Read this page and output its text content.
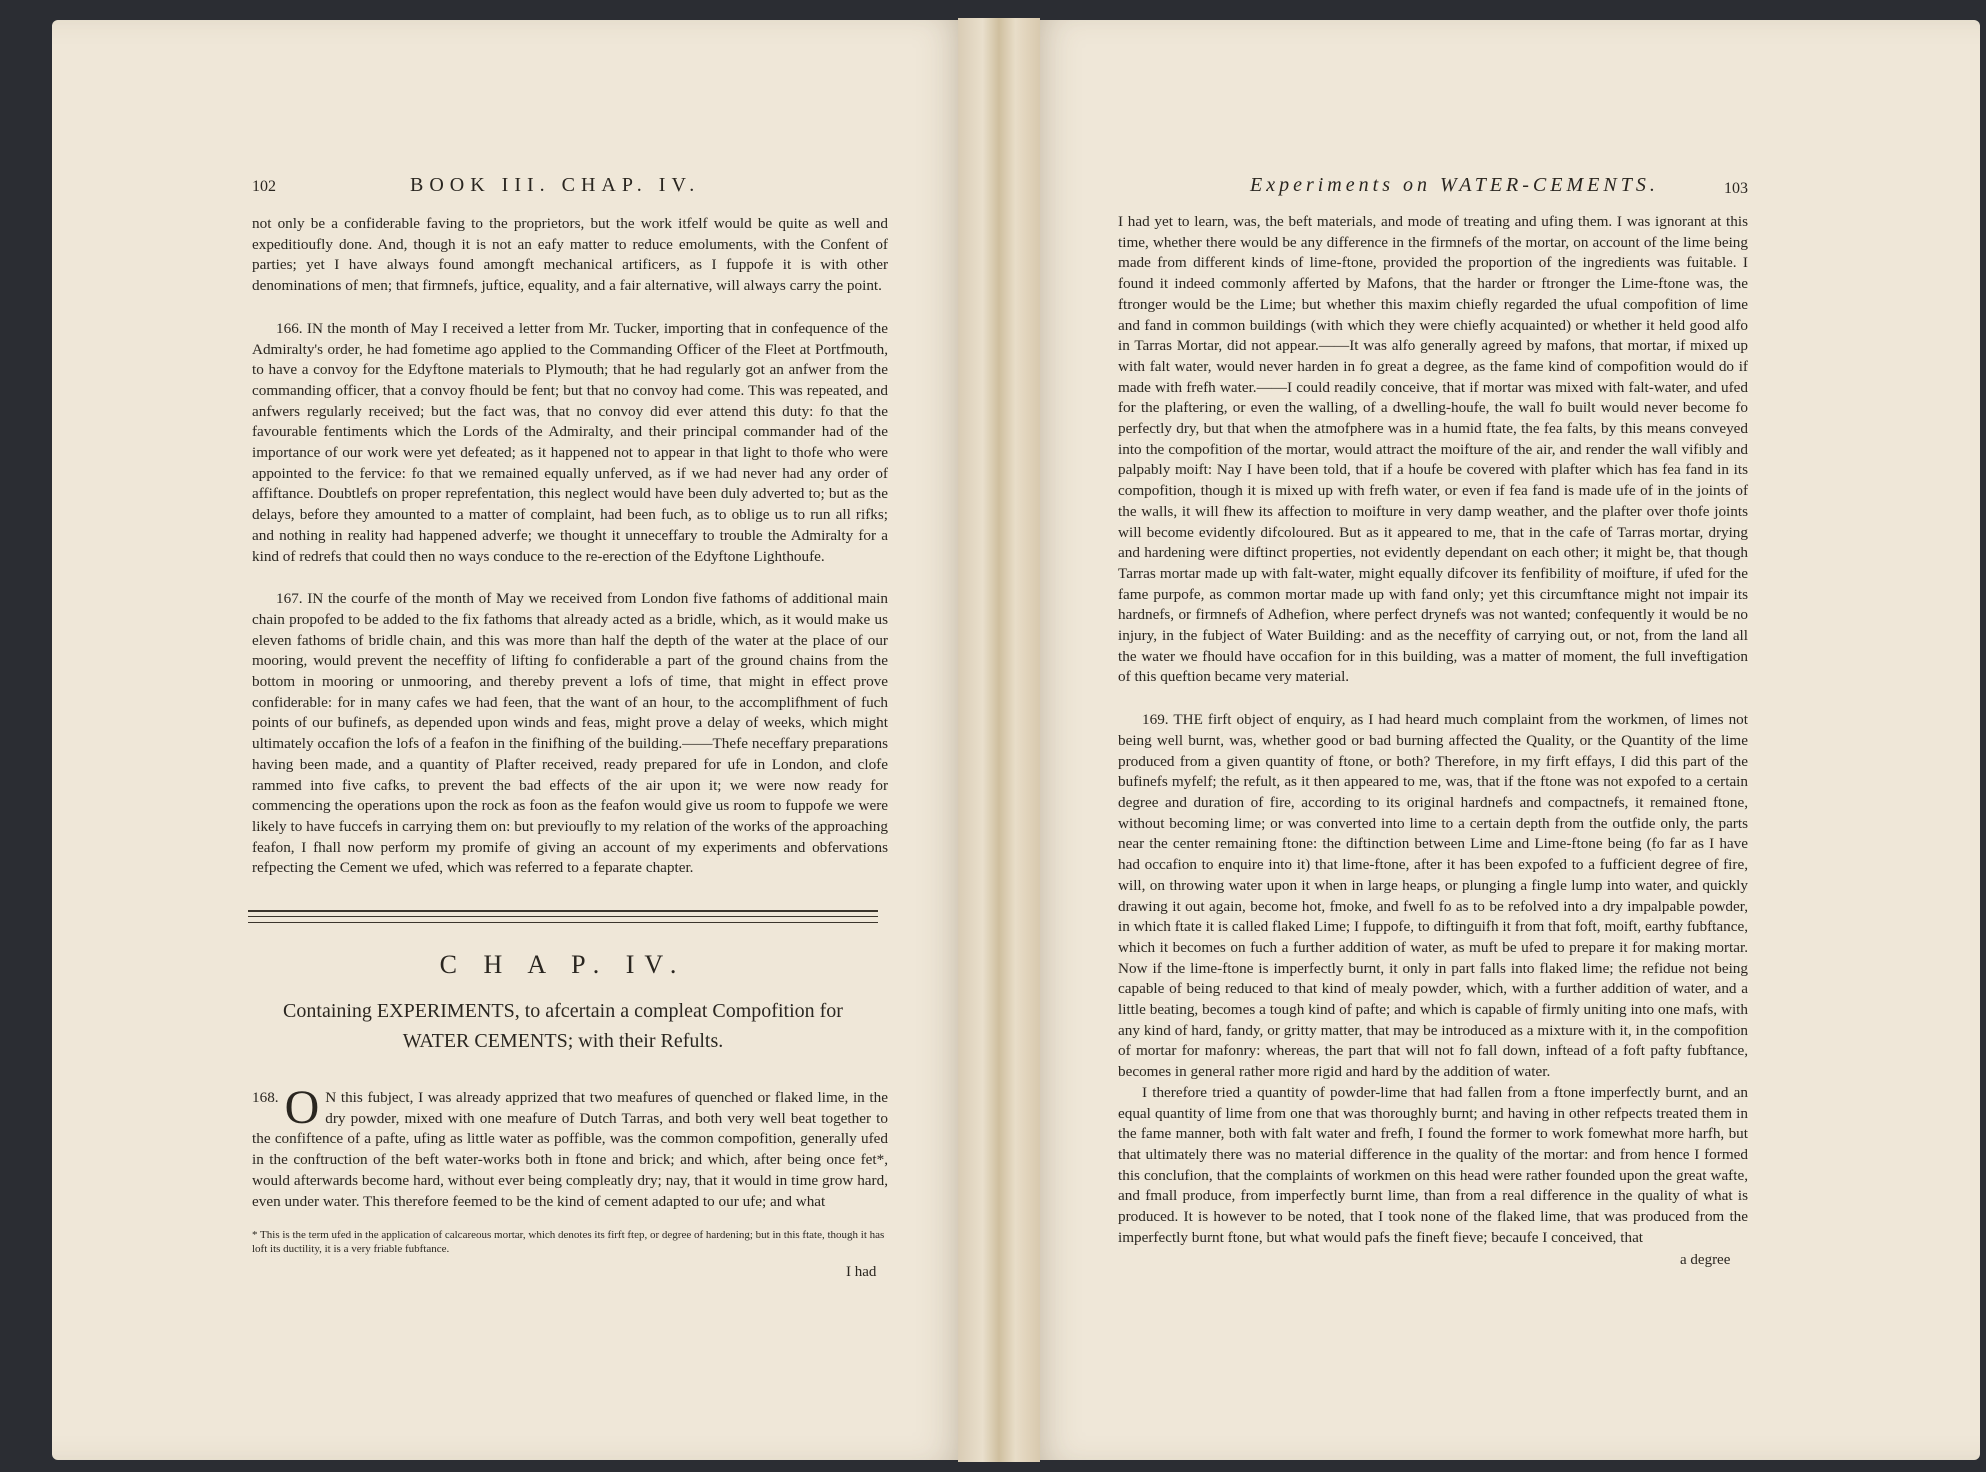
102	BOOK III. CHAP. IV.

not only be a confiderable faving to the proprietors, but the work itfelf would be quite as well and expeditioufly done. And, though it is not an eafy matter to reduce emoluments, with the Confent of parties; yet I have always found amongft mechanical artificers, as I fuppofe it is with other denominations of men; that firmnefs, juftice, equality, and a fair alternative, will always carry the point.

166. IN the month of May I received a letter from Mr. Tucker, importing that in confequence of the Admiralty's order, he had fometime ago applied to the Commanding Officer of the Fleet at Portfmouth, to have a convoy for the Edyftone materials to Plymouth; that he had regularly got an anfwer from the commanding officer, that a convoy fhould be fent; but that no convoy had come. This was repeated, and anfwers regularly received; but the fact was, that no convoy did ever attend this duty: fo that the favourable fentiments which the Lords of the Admiralty, and their principal commander had of the importance of our work were yet defeated; as it happened not to appear in that light to thofe who were appointed to the fervice: fo that we remained equally unferved, as if we had never had any order of affiftance. Doubtlefs on proper reprefentation, this neglect would have been duly adverted to; but as the delays, before they amounted to a matter of complaint, had been fuch, as to oblige us to run all rifks; and nothing in reality had happened adverfe; we thought it unneceffary to trouble the Admiralty for a kind of redrefs that could then no ways conduce to the re-erection of the Edyftone Lighthoufe.

167. IN the courfe of the month of May we received from London five fathoms of additional main chain propofed to be added to the fix fathoms that already acted as a bridle, which, as it would make us eleven fathoms of bridle chain, and this was more than half the depth of the water at the place of our mooring, would prevent the neceffity of lifting fo confiderable a part of the ground chains from the bottom in mooring or unmooring, and thereby prevent a lofs of time, that might in effect prove confiderable: for in many cafes we had feen, that the want of an hour, to the accomplifhment of fuch points of our bufinefs, as depended upon winds and feas, might prove a delay of weeks, which might ultimately occafion the lofs of a feafon in the finifhing of the building.——Thefe neceffary preparations having been made, and a quantity of Plafter received, ready prepared for ufe in London, and clofe rammed into five cafks, to prevent the bad effects of the air upon it; we were now ready for commencing the operations upon the rock as foon as the feafon would give us room to fuppofe we were likely to have fuccefs in carrying them on: but previoufly to my relation of the works of the approaching feafon, I fhall now perform my promife of giving an account of my experiments and obfervations refpecting the Cement we ufed, which was referred to a feparate chapter.

C H A P. IV.
Containing EXPERIMENTS, to afcertain a compleat Compofition for
WATER CEMENTS; with their Refults.
168. O N this fubject, I was already apprized that two meafures of quenched or flaked lime, in the dry powder, mixed with one meafure of Dutch Tarras, and both very well beat together to the confiftence of a pafte, ufing as little water as poffible, was the common compofition, generally ufed in the conftruction of the beft water-works both in ftone and brick; and which, after being once fet*, would afterwards become hard, without ever being compleatly dry; nay, that it would in time grow hard, even under water. This therefore feemed to be the kind of cement adapted to our ufe; and what
* This is the term ufed in the application of calcareous mortar, which denotes its firft ftep, or degree of hardening; but in this ftate, though it has loft its ductility, it is a very friable fubftance.
I had
Experiments on WATER-CEMENTS.	103

I had yet to learn, was, the beft materials, and mode of treating and ufing them. I was ignorant at this time, whether there would be any difference in the firmnefs of the mortar, on account of the lime being made from different kinds of lime-ftone, provided the proportion of the ingredients was fuitable. I found it indeed commonly afferted by Mafons, that the harder or ftronger the Lime-ftone was, the ftronger would be the Lime; but whether this maxim chiefly regarded the ufual compofition of lime and fand in common buildings (with which they were chiefly acquainted) or whether it held good alfo in Tarras Mortar, did not appear.——It was alfo generally agreed by mafons, that mortar, if mixed up with falt water, would never harden in fo great a degree, as the fame kind of compofition would do if made with frefh water.——I could readily conceive, that if mortar was mixed with falt-water, and ufed for the plaftering, or even the walling, of a dwelling-houfe, the wall fo built would never become fo perfectly dry, but that when the atmofphere was in a humid ftate, the fea falts, by this means conveyed into the compofition of the mortar, would attract the moifture of the air, and render the wall vifibly and palpably moift: Nay I have been told, that if a houfe be covered with plafter which has fea fand in its compofition, though it is mixed up with frefh water, or even if fea fand is made ufe of in the joints of the walls, it will fhew its affection to moifture in very damp weather, and the plafter over thofe joints will become evidently difcoloured. But as it appeared to me, that in the cafe of Tarras mortar, drying and hardening were diftinct properties, not evidently dependant on each other; it might be, that though Tarras mortar made up with falt-water, might equally difcover its fenfibility of moifture, if ufed for the fame purpofe, as common mortar made up with fand only; yet this circumftance might not impair its hardnefs, or firmnefs of Adhefion, where perfect drynefs was not wanted; confequently it would be no injury, in the fubject of Water Building: and as the neceffity of carrying out, or not, from the land all the water we fhould have occafion for in this building, was a matter of moment, the full inveftigation of this queftion became very material.

169. THE firft object of enquiry, as I had heard much complaint from the workmen, of limes not being well burnt, was, whether good or bad burning affected the Quality, or the Quantity of the lime produced from a given quantity of ftone, or both? Therefore, in my firft effays, I did this part of the bufinefs myfelf; the refult, as it then appeared to me, was, that if the ftone was not expofed to a certain degree and duration of fire, according to its original hardnefs and compactnefs, it remained ftone, without becoming lime; or was converted into lime to a certain depth from the outfide only, the parts near the center remaining ftone: the diftinction between Lime and Lime-ftone being (fo far as I have had occafion to enquire into it) that lime-ftone, after it has been expofed to a fufficient degree of fire, will, on throwing water upon it when in large heaps, or plunging a fingle lump into water, and quickly drawing it out again, become hot, fmoke, and fwell fo as to be refolved into a dry impalpable powder, in which ftate it is called flaked Lime; I fuppofe, to diftinguifh it from that foft, moift, earthy fubftance, which it becomes on fuch a further addition of water, as muft be ufed to prepare it for making mortar. Now if the lime-ftone is imperfectly burnt, it only in part falls into flaked lime; the refidue not being capable of being reduced to that kind of mealy powder, which, with a further addition of water, and a little beating, becomes a tough kind of pafte; and which is capable of firmly uniting into one mafs, with any kind of hard, fandy, or gritty matter, that may be introduced as a mixture with it, in the compofition of mortar for mafonry: whereas, the part that will not fo fall down, inftead of a foft pafty fubftance, becomes in general rather more rigid and hard by the addition of water.

I therefore tried a quantity of powder-lime that had fallen from a ftone imperfectly burnt, and an equal quantity of lime from one that was thoroughly burnt; and having in other refpects treated them in the fame manner, both with falt water and frefh, I found the former to work fomewhat more harfh, but that ultimately there was no material difference in the quality of the mortar: and from hence I formed this conclufion, that the complaints of workmen on this head were rather founded upon the great wafte, and fmall produce, from imperfectly burnt lime, than from a real difference in the quality of what is produced. It is however to be noted, that I took none of the flaked lime, that was produced from the imperfectly burnt ftone, but what would pafs the fineft fieve; becaufe I conceived, that

a degree
